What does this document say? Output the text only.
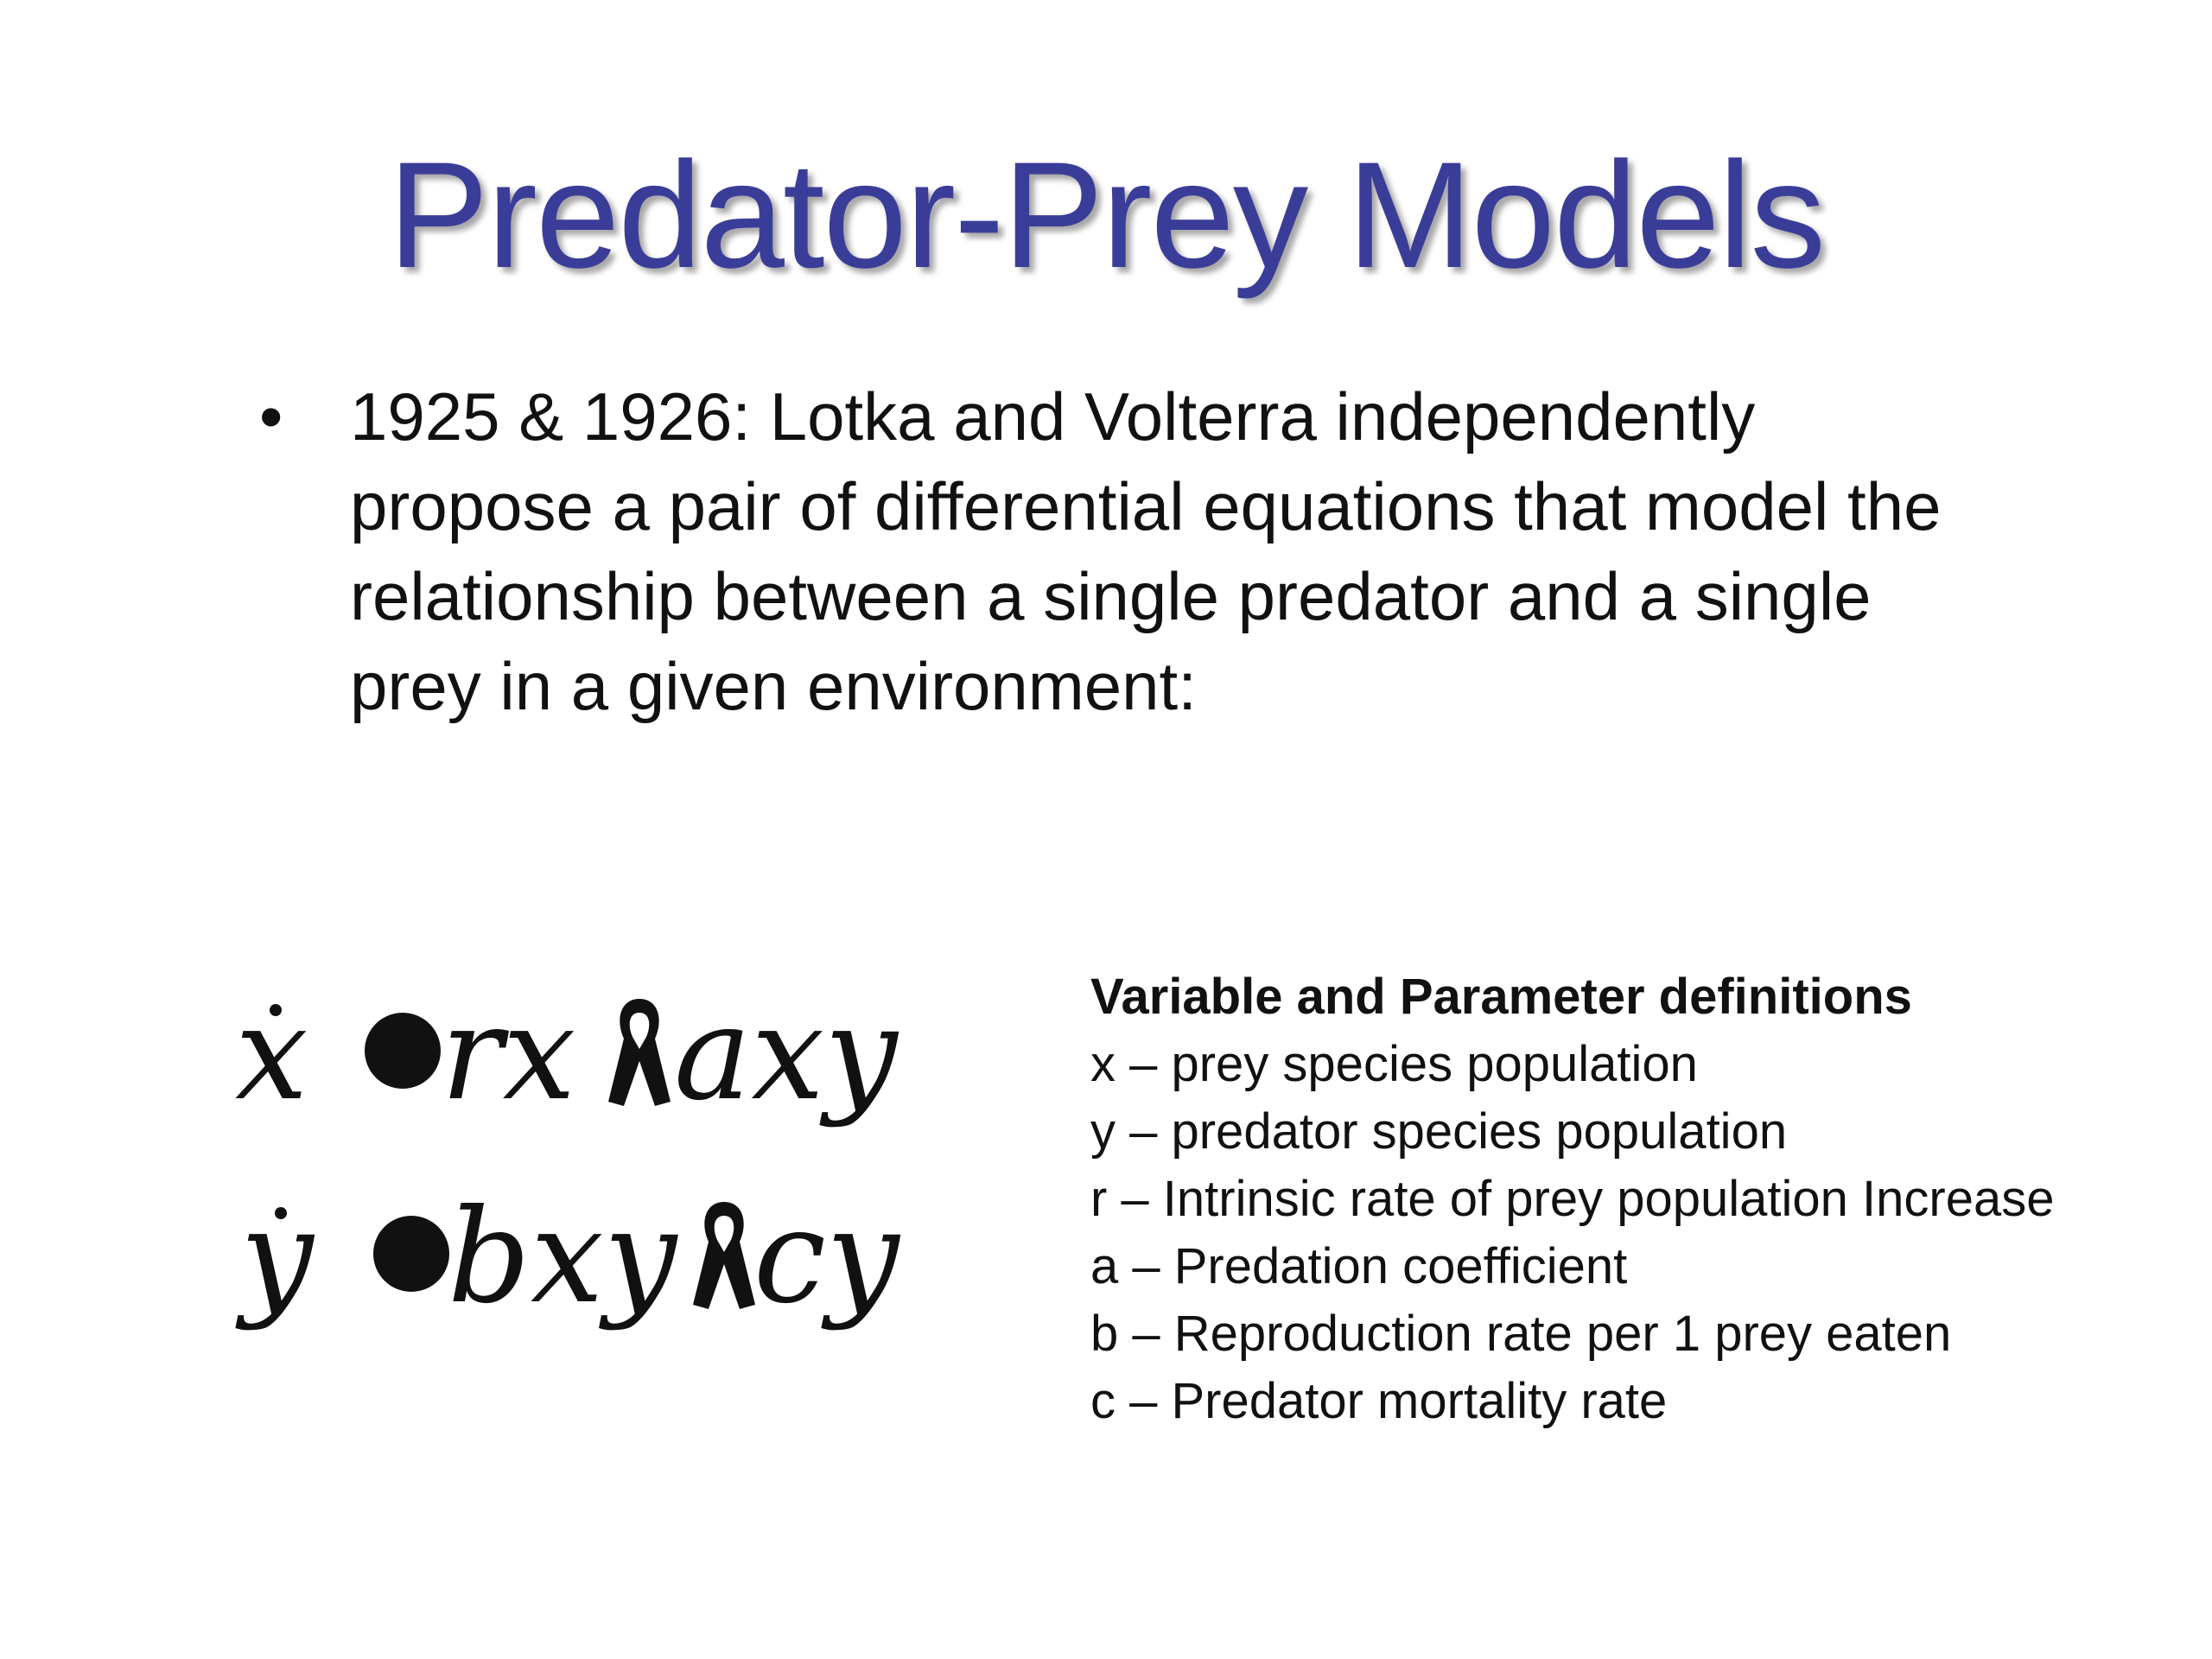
Predator-Prey Models
• 1925 & 1926: Lotka and Volterra independently propose a pair of differential equations that model the relationship between a single predator and a single prey in a given environment:
x rx axy
y bxy cy
Variable and Parameter definitions
x – prey species population
y – predator species population
r – Intrinsic rate of prey population Increase
a – Predation coefficient
b – Reproduction rate per 1 prey eaten
c – Predator mortality rate
